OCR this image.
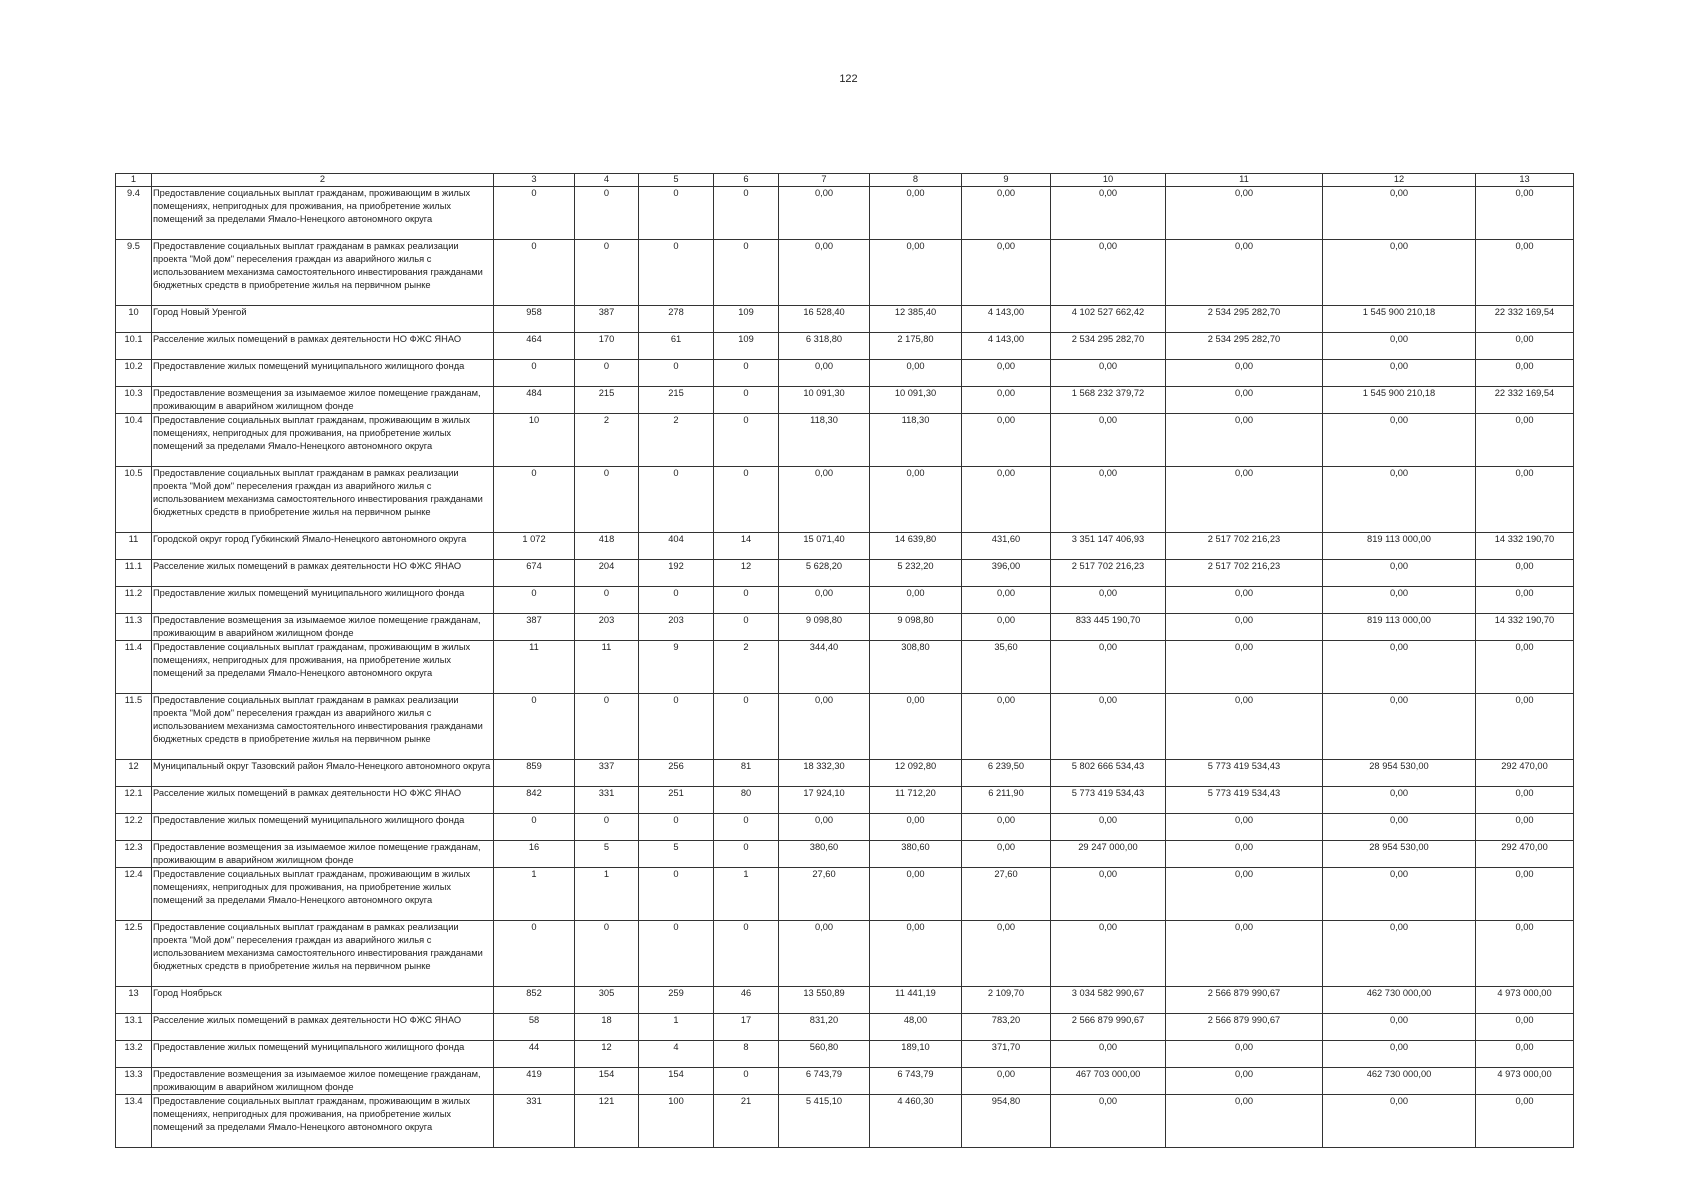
122
1	2	3	4	5	6	7	8	9	10	11	12	13
9.4	Предоставление социальных выплат гражданам, проживающим в жилых помещениях, непригодных для проживания, на приобретение жилых помещений за пределами Ямало-Ненецкого автономного округа	0	0	0	0	0,00	0,00	0,00	0,00	0,00	0,00	0,00
9.5	Предоставление социальных выплат гражданам в рамках реализации проекта "Мой дом" переселения граждан из аварийного жилья с использованием механизма самостоятельного инвестирования гражданами бюджетных средств в приобретение жилья на первичном рынке	0	0	0	0	0,00	0,00	0,00	0,00	0,00	0,00	0,00
10	Город Новый Уренгой	958	387	278	109	16 528,40	12 385,40	4 143,00	4 102 527 662,42	2 534 295 282,70	1 545 900 210,18	22 332 169,54
10.1	Расселение жилых помещений в рамках деятельности НО ФЖС ЯНАО	464	170	61	109	6 318,80	2 175,80	4 143,00	2 534 295 282,70	2 534 295 282,70	0,00	0,00
10.2	Предоставление жилых помещений муниципального жилищного фонда	0	0	0	0	0,00	0,00	0,00	0,00	0,00	0,00	0,00
10.3	Предоставление возмещения за изымаемое жилое помещение гражданам, проживающим в аварийном жилищном фонде	484	215	215	0	10 091,30	10 091,30	0,00	1 568 232 379,72	0,00	1 545 900 210,18	22 332 169,54
10.4	Предоставление социальных выплат гражданам, проживающим в жилых помещениях, непригодных для проживания, на приобретение жилых помещений за пределами Ямало-Ненецкого автономного округа	10	2	2	0	118,30	118,30	0,00	0,00	0,00	0,00	0,00
10.5	Предоставление социальных выплат гражданам в рамках реализации проекта "Мой дом" переселения граждан из аварийного жилья с использованием механизма самостоятельного инвестирования гражданами бюджетных средств в приобретение жилья на первичном рынке	0	0	0	0	0,00	0,00	0,00	0,00	0,00	0,00	0,00
11	Городской округ город Губкинский Ямало-Ненецкого автономного округа	1 072	418	404	14	15 071,40	14 639,80	431,60	3 351 147 406,93	2 517 702 216,23	819 113 000,00	14 332 190,70
11.1	Расселение жилых помещений в рамках деятельности НО ФЖС ЯНАО	674	204	192	12	5 628,20	5 232,20	396,00	2 517 702 216,23	2 517 702 216,23	0,00	0,00
11.2	Предоставление жилых помещений муниципального жилищного фонда	0	0	0	0	0,00	0,00	0,00	0,00	0,00	0,00	0,00
11.3	Предоставление возмещения за изымаемое жилое помещение гражданам, проживающим в аварийном жилищном фонде	387	203	203	0	9 098,80	9 098,80	0,00	833 445 190,70	0,00	819 113 000,00	14 332 190,70
11.4	Предоставление социальных выплат гражданам, проживающим в жилых помещениях, непригодных для проживания, на приобретение жилых помещений за пределами Ямало-Ненецкого автономного округа	11	11	9	2	344,40	308,80	35,60	0,00	0,00	0,00	0,00
11.5	Предоставление социальных выплат гражданам в рамках реализации проекта "Мой дом" переселения граждан из аварийного жилья с использованием механизма самостоятельного инвестирования гражданами бюджетных средств в приобретение жилья на первичном рынке	0	0	0	0	0,00	0,00	0,00	0,00	0,00	0,00	0,00
12	Муниципальный округ Тазовский район Ямало-Ненецкого автономного округа	859	337	256	81	18 332,30	12 092,80	6 239,50	5 802 666 534,43	5 773 419 534,43	28 954 530,00	292 470,00
12.1	Расселение жилых помещений в рамках деятельности НО ФЖС ЯНАО	842	331	251	80	17 924,10	11 712,20	6 211,90	5 773 419 534,43	5 773 419 534,43	0,00	0,00
12.2	Предоставление жилых помещений муниципального жилищного фонда	0	0	0	0	0,00	0,00	0,00	0,00	0,00	0,00	0,00
12.3	Предоставление возмещения за изымаемое жилое помещение гражданам, проживающим в аварийном жилищном фонде	16	5	5	0	380,60	380,60	0,00	29 247 000,00	0,00	28 954 530,00	292 470,00
12.4	Предоставление социальных выплат гражданам, проживающим в жилых помещениях, непригодных для проживания, на приобретение жилых помещений за пределами Ямало-Ненецкого автономного округа	1	1	0	1	27,60	0,00	27,60	0,00	0,00	0,00	0,00
12.5	Предоставление социальных выплат гражданам в рамках реализации проекта "Мой дом" переселения граждан из аварийного жилья с использованием механизма самостоятельного инвестирования гражданами бюджетных средств в приобретение жилья на первичном рынке	0	0	0	0	0,00	0,00	0,00	0,00	0,00	0,00	0,00
13	Город Ноябрьск	852	305	259	46	13 550,89	11 441,19	2 109,70	3 034 582 990,67	2 566 879 990,67	462 730 000,00	4 973 000,00
13.1	Расселение жилых помещений в рамках деятельности НО ФЖС ЯНАО	58	18	1	17	831,20	48,00	783,20	2 566 879 990,67	2 566 879 990,67	0,00	0,00
13.2	Предоставление жилых помещений муниципального жилищного фонда	44	12	4	8	560,80	189,10	371,70	0,00	0,00	0,00	0,00
13.3	Предоставление возмещения за изымаемое жилое помещение гражданам, проживающим в аварийном жилищном фонде	419	154	154	0	6 743,79	6 743,79	0,00	467 703 000,00	0,00	462 730 000,00	4 973 000,00
13.4	Предоставление социальных выплат гражданам, проживающим в жилых помещениях, непригодных для проживания, на приобретение жилых помещений за пределами Ямало-Ненецкого автономного округа	331	121	100	21	5 415,10	4 460,30	954,80	0,00	0,00	0,00	0,00
